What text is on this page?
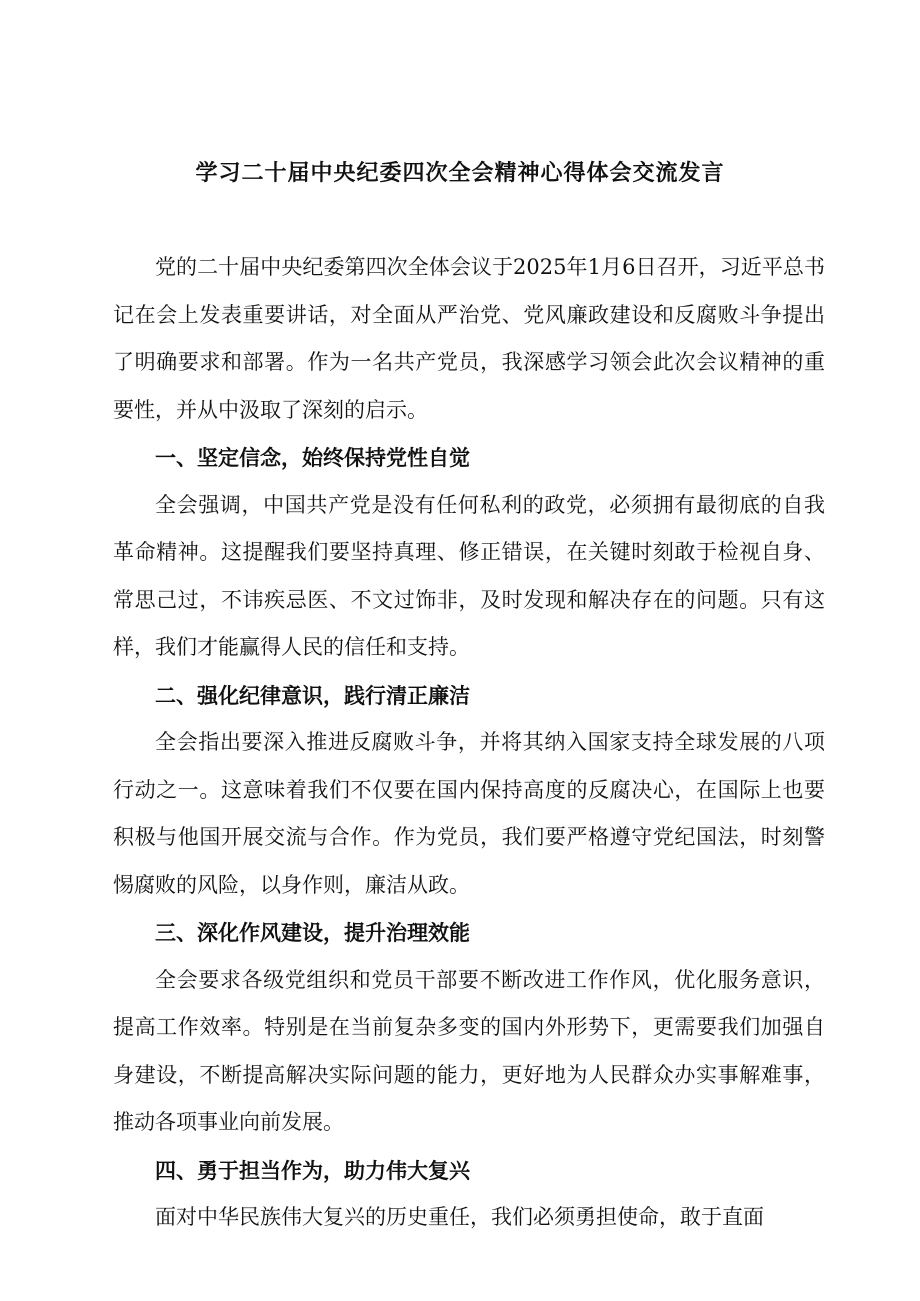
学习二十届中央纪委四次全会精神心得体会交流发言

党的二十届中央纪委第四次全体会议于2025年1月6日召开，习近平总书记在会上发表重要讲话，对全面从严治党、党风廉政建设和反腐败斗争提出了明确要求和部署。作为一名共产党员，我深感学习领会此次会议精神的重要性，并从中汲取了深刻的启示。

一、坚定信念，始终保持党性自觉

全会强调，中国共产党是没有任何私利的政党，必须拥有最彻底的自我革命精神。这提醒我们要坚持真理、修正错误，在关键时刻敢于检视自身、常思己过，不讳疾忌医、不文过饰非，及时发现和解决存在的问题。只有这样，我们才能赢得人民的信任和支持。

二、强化纪律意识，践行清正廉洁

全会指出要深入推进反腐败斗争，并将其纳入国家支持全球发展的八项行动之一。这意味着我们不仅要在国内保持高度的反腐决心，在国际上也要积极与他国开展交流与合作。作为党员，我们要严格遵守党纪国法，时刻警惕腐败的风险，以身作则，廉洁从政。

三、深化作风建设，提升治理效能

全会要求各级党组织和党员干部要不断改进工作作风，优化服务意识，提高工作效率。特别是在当前复杂多变的国内外形势下，更需要我们加强自身建设，不断提高解决实际问题的能力，更好地为人民群众办实事解难事，推动各项事业向前发展。

四、勇于担当作为，助力伟大复兴

面对中华民族伟大复兴的历史重任，我们必须勇担使命，敢于直面
